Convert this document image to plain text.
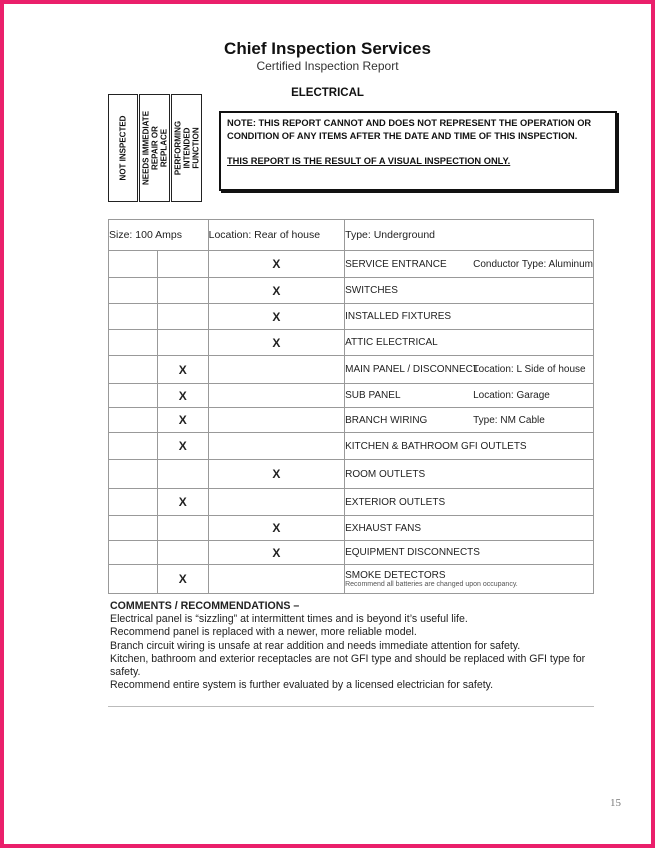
Chief Inspection Services
Certified Inspection Report
ELECTRICAL
NOT INSPECTED NEEDS IMMEDIATE REPAIR OR REPLACE PERFORMING INTENDED FUNCTION
NOTE: THIS REPORT CANNOT AND DOES NOT REPRESENT THE OPERATION OR CONDITION OF ANY ITEMS AFTER THE DATE AND TIME OF THIS INSPECTION.
THIS REPORT IS THE RESULT OF A VISUAL INSPECTION ONLY.
Size: 100 Amps		Location: Rear of house	Type: Underground
		X	SERVICE ENTRANCE Conductor Type: Aluminum
		X	SWITCHES
		X	INSTALLED FIXTURES
		X	ATTIC ELECTRICAL
	X		MAIN PANEL / DISCONNECTLocation: L Side of house
	X		SUB PANEL Location: Garage
	X		BRANCH WIRING Type: NM Cable
	X		KITCHEN & BATHROOM GFI OUTLETS
		X	ROOM OUTLETS
	X		EXTERIOR OUTLETS
		X	EXHAUST FANS
		X	EQUIPMENT DISCONNECTS
	X		SMOKE DETECTORS
Recommend all batteries are changed upon occupancy.
COMMENTS / RECOMMENDATIONS –
Electrical panel is “sizzling” at intermittent times and is beyond it’s useful life.
Recommend panel is replaced with a newer, more reliable model.
Branch circuit wiring is unsafe at rear addition and needs immediate attention for safety.
Kitchen, bathroom and exterior receptacles are not GFI type and should be replaced with GFI type for safety.
Recommend entire system is further evaluated by a licensed electrician for safety.
15
